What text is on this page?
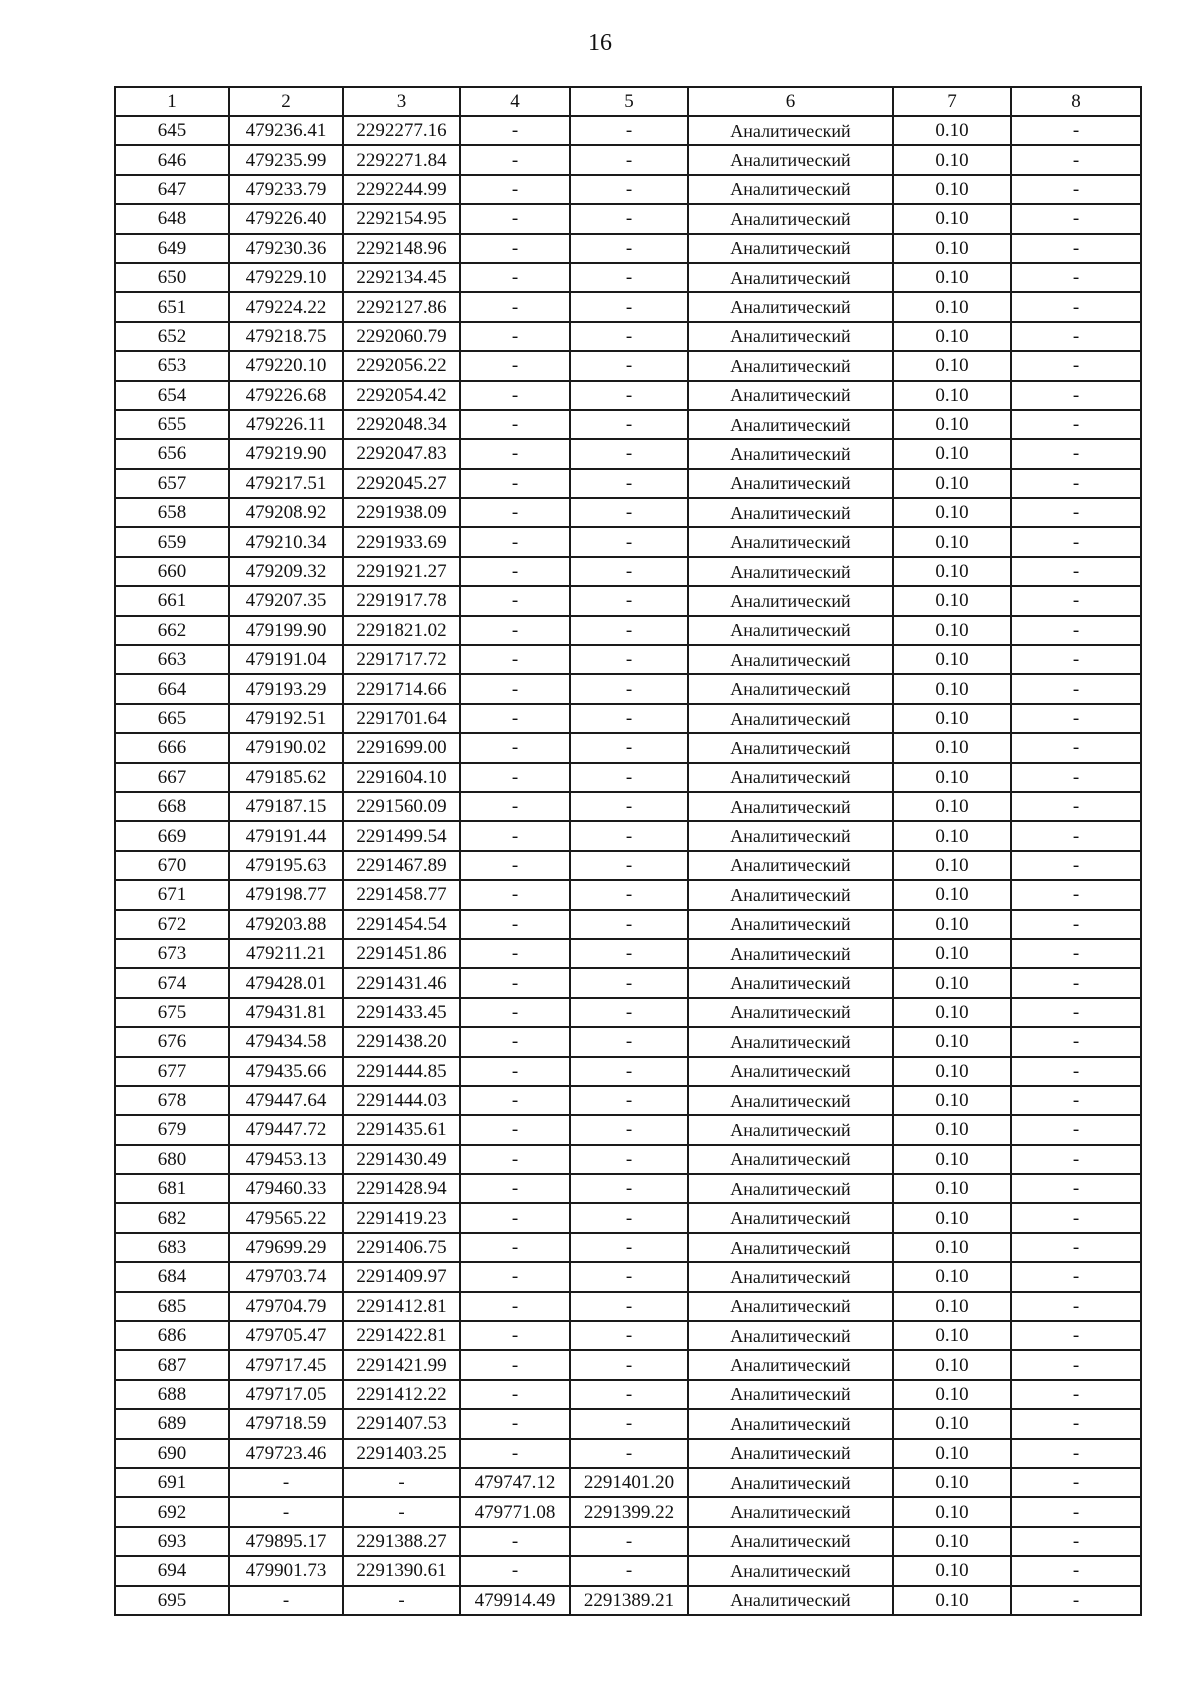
16
1	2	3	4	5	6	7	8
645	479236.41	2292277.16	-	-	Аналитический	0.10	-
646	479235.99	2292271.84	-	-	Аналитический	0.10	-
647	479233.79	2292244.99	-	-	Аналитический	0.10	-
648	479226.40	2292154.95	-	-	Аналитический	0.10	-
649	479230.36	2292148.96	-	-	Аналитический	0.10	-
650	479229.10	2292134.45	-	-	Аналитический	0.10	-
651	479224.22	2292127.86	-	-	Аналитический	0.10	-
652	479218.75	2292060.79	-	-	Аналитический	0.10	-
653	479220.10	2292056.22	-	-	Аналитический	0.10	-
654	479226.68	2292054.42	-	-	Аналитический	0.10	-
655	479226.11	2292048.34	-	-	Аналитический	0.10	-
656	479219.90	2292047.83	-	-	Аналитический	0.10	-
657	479217.51	2292045.27	-	-	Аналитический	0.10	-
658	479208.92	2291938.09	-	-	Аналитический	0.10	-
659	479210.34	2291933.69	-	-	Аналитический	0.10	-
660	479209.32	2291921.27	-	-	Аналитический	0.10	-
661	479207.35	2291917.78	-	-	Аналитический	0.10	-
662	479199.90	2291821.02	-	-	Аналитический	0.10	-
663	479191.04	2291717.72	-	-	Аналитический	0.10	-
664	479193.29	2291714.66	-	-	Аналитический	0.10	-
665	479192.51	2291701.64	-	-	Аналитический	0.10	-
666	479190.02	2291699.00	-	-	Аналитический	0.10	-
667	479185.62	2291604.10	-	-	Аналитический	0.10	-
668	479187.15	2291560.09	-	-	Аналитический	0.10	-
669	479191.44	2291499.54	-	-	Аналитический	0.10	-
670	479195.63	2291467.89	-	-	Аналитический	0.10	-
671	479198.77	2291458.77	-	-	Аналитический	0.10	-
672	479203.88	2291454.54	-	-	Аналитический	0.10	-
673	479211.21	2291451.86	-	-	Аналитический	0.10	-
674	479428.01	2291431.46	-	-	Аналитический	0.10	-
675	479431.81	2291433.45	-	-	Аналитический	0.10	-
676	479434.58	2291438.20	-	-	Аналитический	0.10	-
677	479435.66	2291444.85	-	-	Аналитический	0.10	-
678	479447.64	2291444.03	-	-	Аналитический	0.10	-
679	479447.72	2291435.61	-	-	Аналитический	0.10	-
680	479453.13	2291430.49	-	-	Аналитический	0.10	-
681	479460.33	2291428.94	-	-	Аналитический	0.10	-
682	479565.22	2291419.23	-	-	Аналитический	0.10	-
683	479699.29	2291406.75	-	-	Аналитический	0.10	-
684	479703.74	2291409.97	-	-	Аналитический	0.10	-
685	479704.79	2291412.81	-	-	Аналитический	0.10	-
686	479705.47	2291422.81	-	-	Аналитический	0.10	-
687	479717.45	2291421.99	-	-	Аналитический	0.10	-
688	479717.05	2291412.22	-	-	Аналитический	0.10	-
689	479718.59	2291407.53	-	-	Аналитический	0.10	-
690	479723.46	2291403.25	-	-	Аналитический	0.10	-
691	-	-	479747.12	2291401.20	Аналитический	0.10	-
692	-	-	479771.08	2291399.22	Аналитический	0.10	-
693	479895.17	2291388.27	-	-	Аналитический	0.10	-
694	479901.73	2291390.61	-	-	Аналитический	0.10	-
695	-	-	479914.49	2291389.21	Аналитический	0.10	-
